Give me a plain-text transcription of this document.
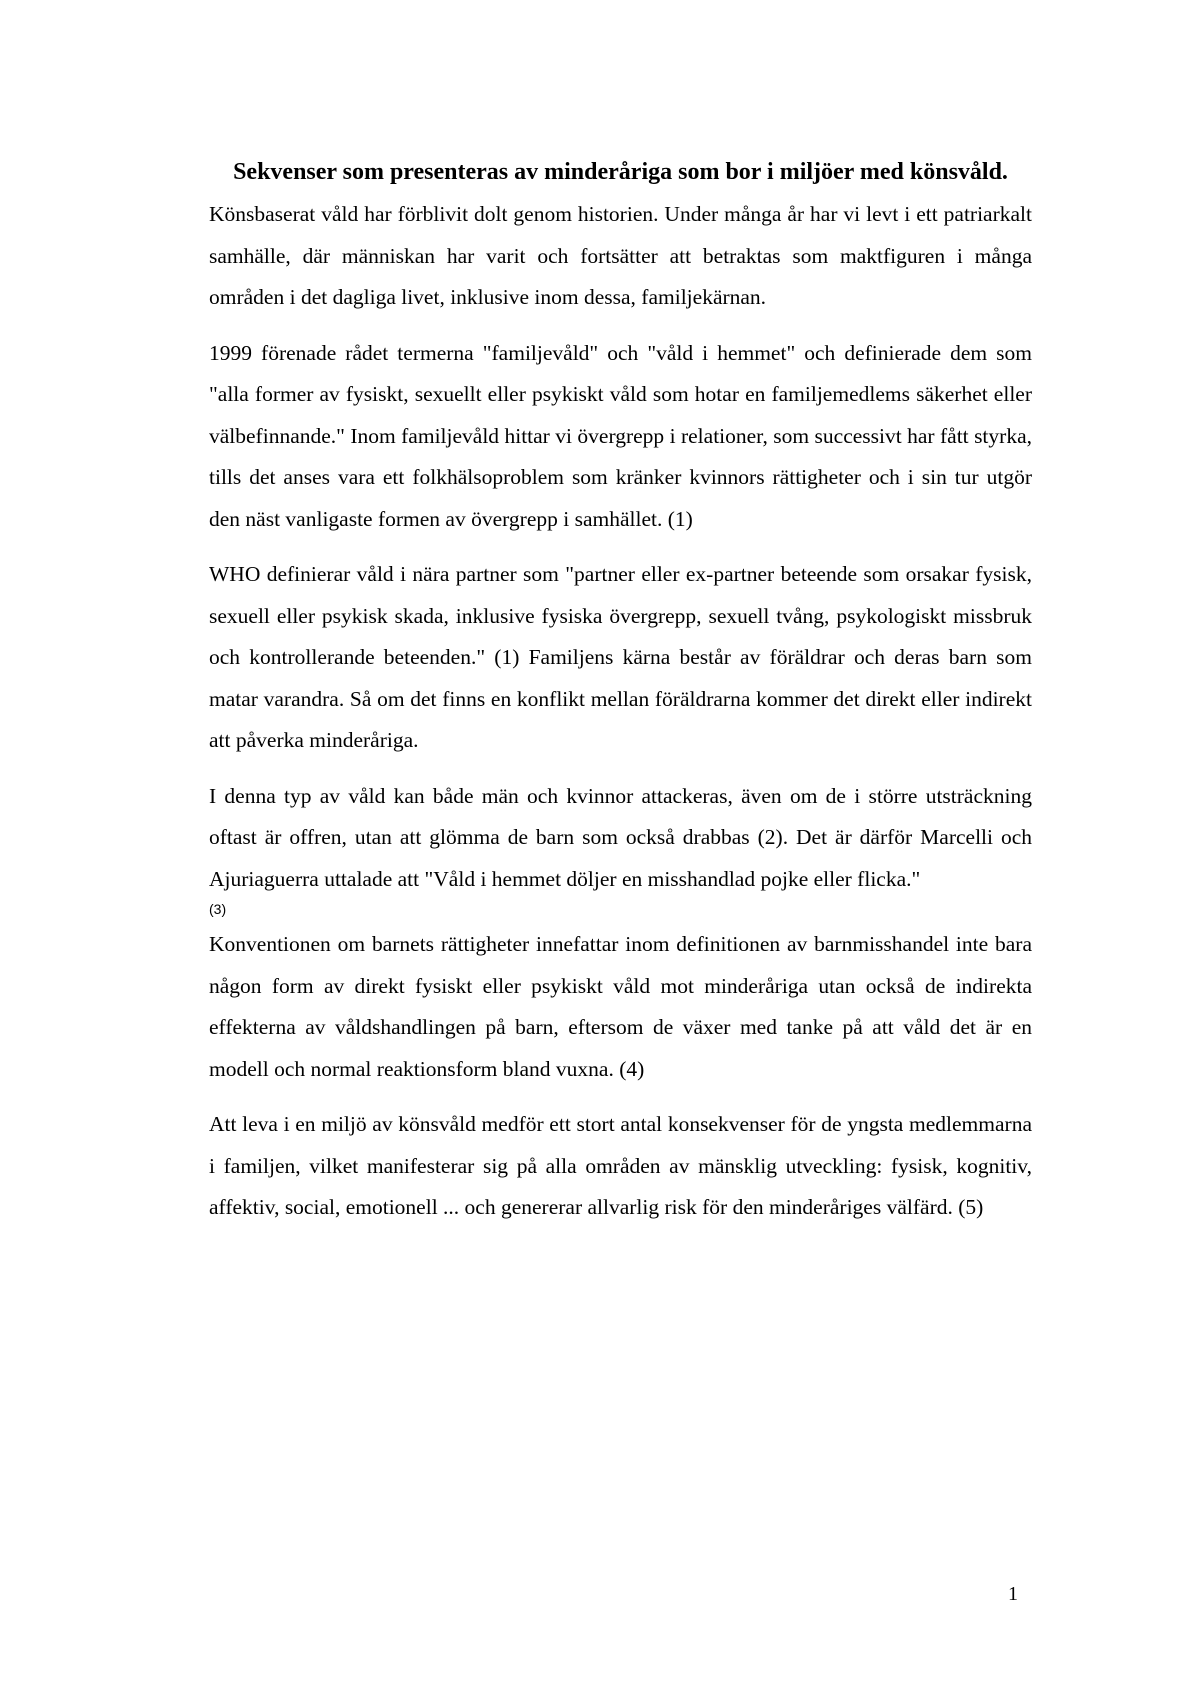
Sekvenser som presenteras av minderåriga som bor i miljöer med könsvåld.

Könsbaserat våld har förblivit dolt genom historien. Under många år har vi levt i ett patriarkalt samhälle, där människan har varit och fortsätter att betraktas som maktfiguren i många områden i det dagliga livet, inklusive inom dessa, familjekärnan.

1999 förenade rådet termerna "familjevåld" och "våld i hemmet" och definierade dem som "alla former av fysiskt, sexuellt eller psykiskt våld som hotar en familjemedlems säkerhet eller välbefinnande." Inom familjevåld hittar vi övergrepp i relationer, som successivt har fått styrka, tills det anses vara ett folkhälsoproblem som kränker kvinnors rättigheter och i sin tur utgör den näst vanligaste formen av övergrepp i samhället. (1)

WHO definierar våld i nära partner som "partner eller ex-partner beteende som orsakar fysisk, sexuell eller psykisk skada, inklusive fysiska övergrepp, sexuell tvång, psykologiskt missbruk och kontrollerande beteenden." (1) Familjens kärna består av föräldrar och deras barn som matar varandra. Så om det finns en konflikt mellan föräldrarna kommer det direkt eller indirekt att påverka minderåriga.

I denna typ av våld kan både män och kvinnor attackeras, även om de i större utsträckning oftast är offren, utan att glömma de barn som också drabbas (2). Det är därför Marcelli och Ajuriaguerra uttalade att "Våld i hemmet döljer en misshandlad pojke eller flicka."

(3)

Konventionen om barnets rättigheter innefattar inom definitionen av barnmisshandel inte bara någon form av direkt fysiskt eller psykiskt våld mot minderåriga utan också de indirekta effekterna av våldshandlingen på barn, eftersom de växer med tanke på att våld det är en modell och normal reaktionsform bland vuxna. (4)

Att leva i en miljö av könsvåld medför ett stort antal konsekvenser för de yngsta medlemmarna i familjen, vilket manifesterar sig på alla områden av mänsklig utveckling: fysisk, kognitiv, affektiv, social, emotionell ... och genererar allvarlig risk för den minderåriges välfärd. (5)

1
